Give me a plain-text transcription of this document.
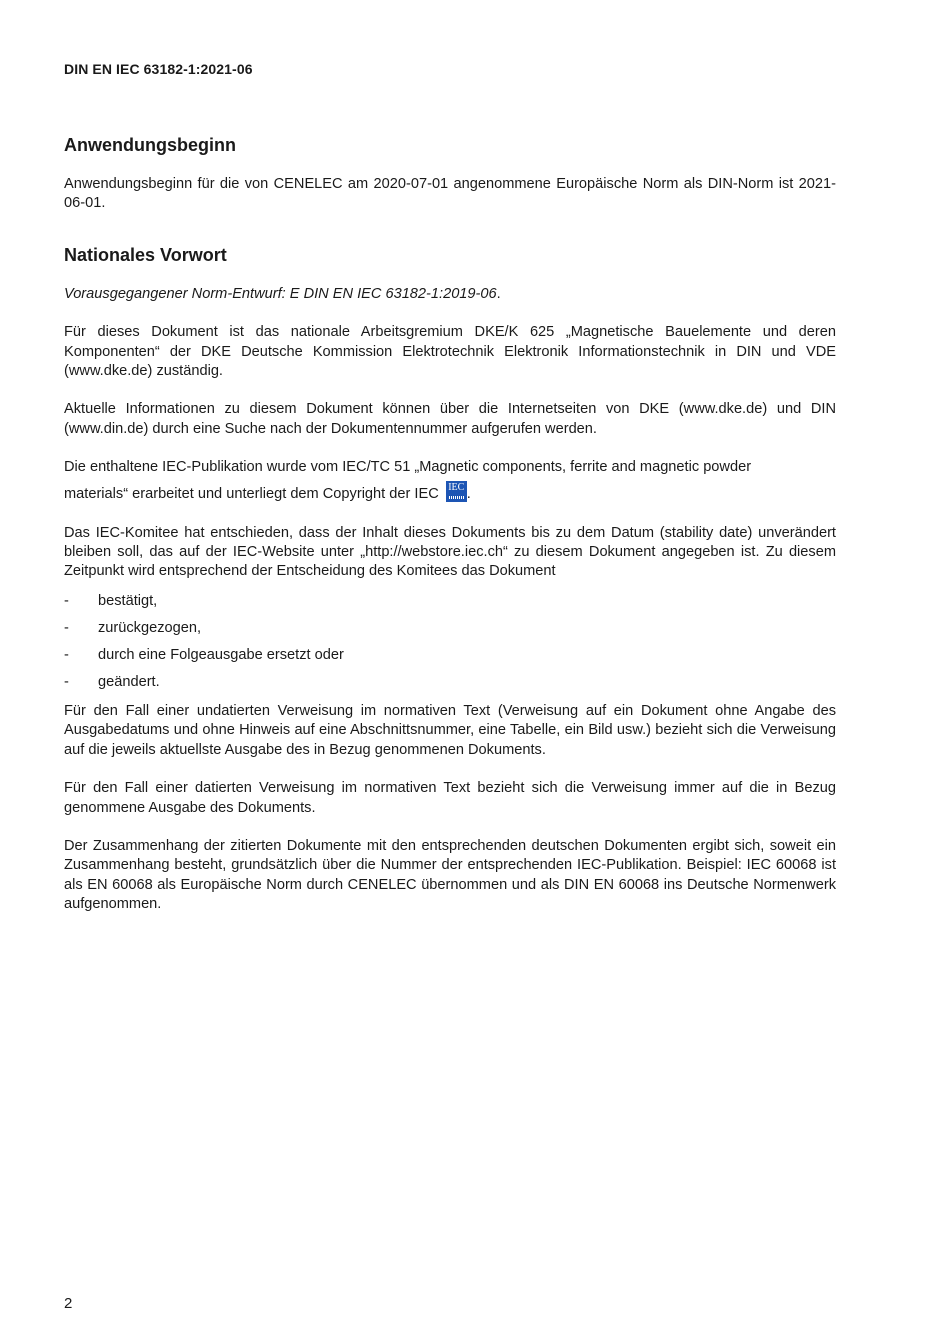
DIN EN IEC 63182-1:2021-06
Anwendungsbeginn

Anwendungsbeginn für die von CENELEC am 2020-07-01 angenommene Europäische Norm als DIN-Norm ist 2021-06-01.

Nationales Vorwort

Vorausgegangener Norm-Entwurf: E DIN EN IEC 63182-1:2019-06.

Für dieses Dokument ist das nationale Arbeitsgremium DKE/K 625 „Magnetische Bauelemente und deren Komponenten“ der DKE Deutsche Kommission Elektrotechnik Elektronik Informationstechnik in DIN und VDE (www.dke.de) zuständig.

Aktuelle Informationen zu diesem Dokument können über die Internetseiten von DKE (www.dke.de) und DIN (www.din.de) durch eine Suche nach der Dokumentennummer aufgerufen werden.

Die enthaltene IEC-Publikation wurde vom IEC/TC 51 „Magnetic components, ferrite and magnetic powder

materials“ erarbeitet und unterliegt dem Copyright der IEC IEC .

Das IEC-Komitee hat entschieden, dass der Inhalt dieses Dokuments bis zu dem Datum (stability date) unverändert bleiben soll, das auf der IEC-Website unter „http://webstore.iec.ch“ zu diesem Dokument angegeben ist. Zu diesem Zeitpunkt wird entsprechend der Entscheidung des Komitees das Dokument

-	bestätigt,
-	zurückgezogen,
-	durch eine Folgeausgabe ersetzt oder
-	geändert.

Für den Fall einer undatierten Verweisung im normativen Text (Verweisung auf ein Dokument ohne Angabe des Ausgabedatums und ohne Hinweis auf eine Abschnittsnummer, eine Tabelle, ein Bild usw.) bezieht sich die Verweisung auf die jeweils aktuellste Ausgabe des in Bezug genommenen Dokuments.

Für den Fall einer datierten Verweisung im normativen Text bezieht sich die Verweisung immer auf die in Bezug genommene Ausgabe des Dokuments.

Der Zusammenhang der zitierten Dokumente mit den entsprechenden deutschen Dokumenten ergibt sich, soweit ein Zusammenhang besteht, grundsätzlich über die Nummer der entsprechenden IEC-Publikation. Beispiel: IEC 60068 ist als EN 60068 als Europäische Norm durch CENELEC übernommen und als DIN EN 60068 ins Deutsche Normenwerk aufgenommen.

2
